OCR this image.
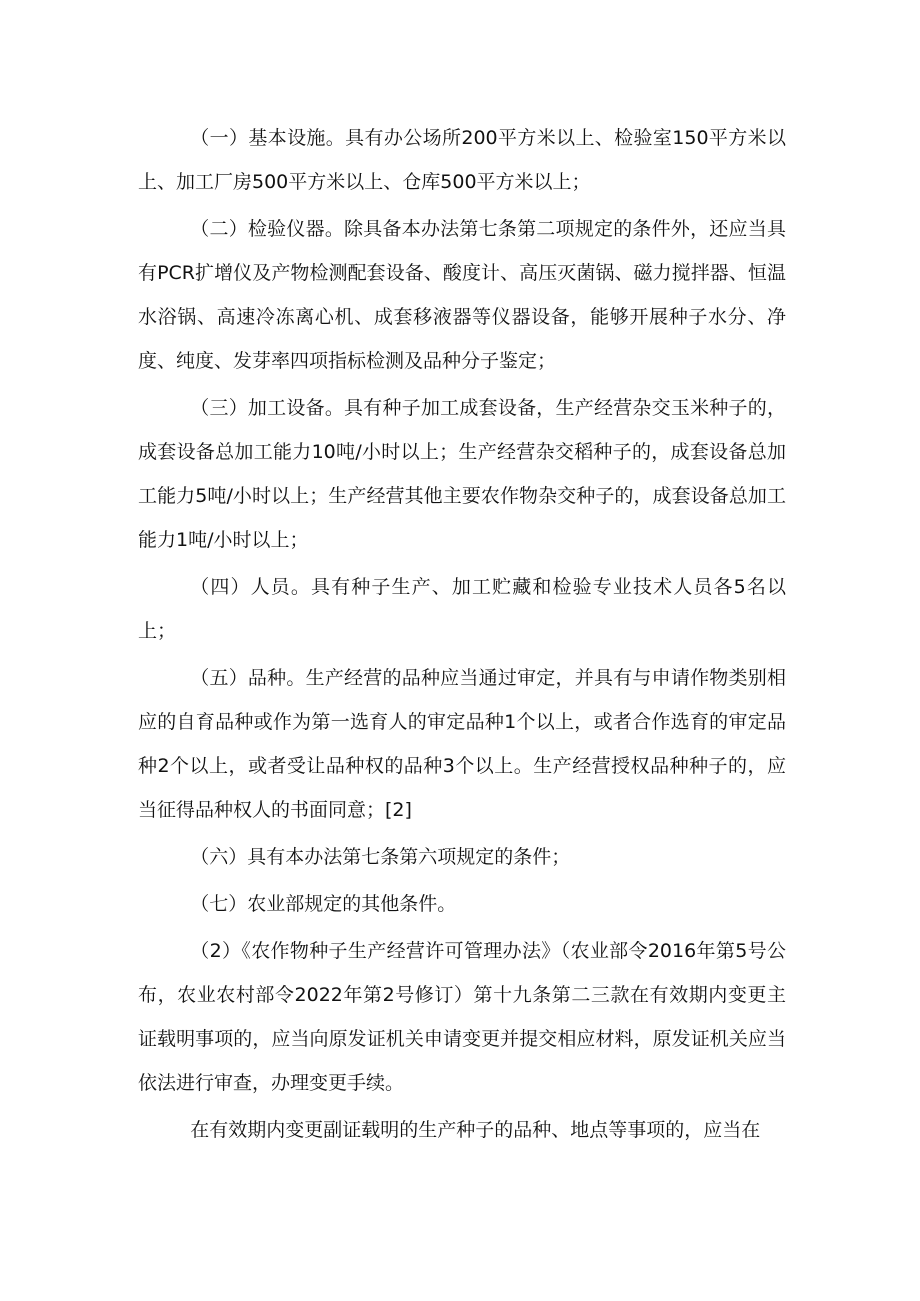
（一）基本设施。具有办公场所200平方米以上、检验室150平方米以上、加工厂房500平方米以上、仓库500平方米以上；

（二）检验仪器。除具备本办法第七条第二项规定的条件外，还应当具有PCR扩增仪及产物检测配套设备、酸度计、高压灭菌锅、磁力搅拌器、恒温水浴锅、高速冷冻离心机、成套移液器等仪器设备，能够开展种子水分、净度、纯度、发芽率四项指标检测及品种分子鉴定；

（三）加工设备。具有种子加工成套设备，生产经营杂交玉米种子的，成套设备总加工能力10吨/小时以上；生产经营杂交稻种子的，成套设备总加工能力5吨/小时以上；生产经营其他主要农作物杂交种子的，成套设备总加工能力1吨/小时以上；

（四）人员。具有种子生产、加工贮藏和检验专业技术人员各5名以上；

（五）品种。生产经营的品种应当通过审定，并具有与申请作物类别相应的自育品种或作为第一选育人的审定品种1个以上，或者合作选育的审定品种2个以上，或者受让品种权的品种3个以上。生产经营授权品种种子的，应当征得品种权人的书面同意；[2]

（六）具有本办法第七条第六项规定的条件；

（七）农业部规定的其他条件。

（2）《农作物种子生产经营许可管理办法》（农业部令2016年第5号公布，农业农村部令2022年第2号修订）第十九条第二三款在有效期内变更主证载明事项的，应当向原发证机关申请变更并提交相应材料，原发证机关应当依法进行审查，办理变更手续。

在有效期内变更副证载明的生产种子的品种、地点等事项的，应当在
